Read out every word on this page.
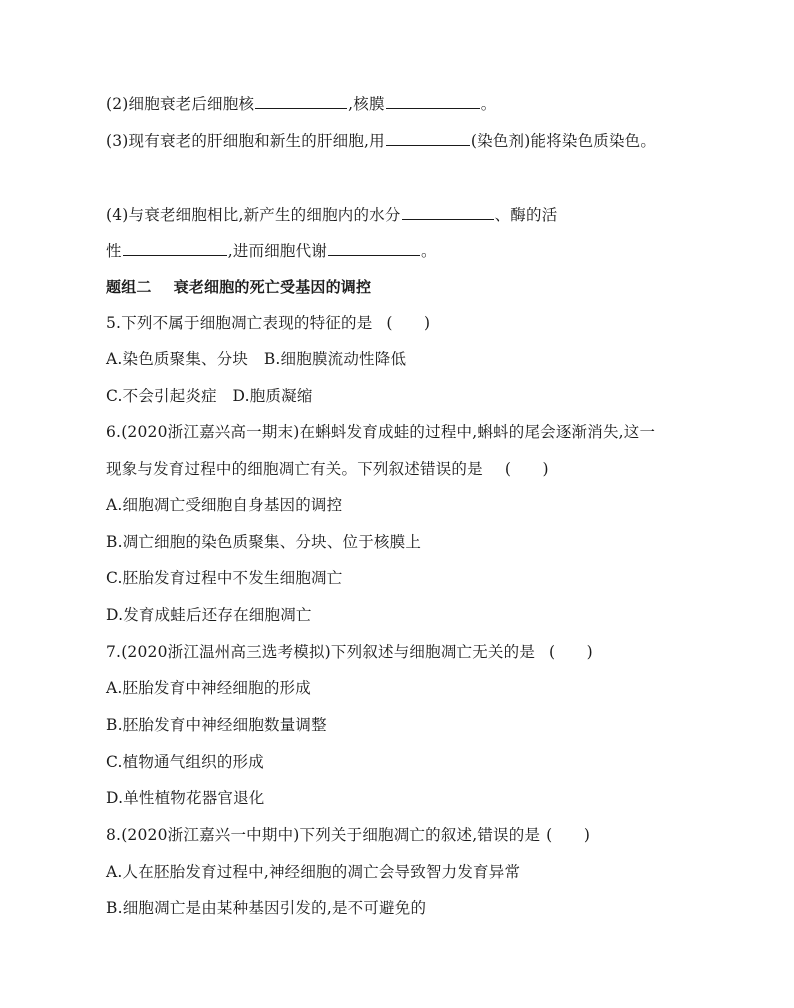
(2)细胞衰老后细胞核	,核膜	。
(3)现有衰老的肝细胞和新生的肝细胞,用	(染色剂)能将染色质染色。
(4)与衰老细胞相比,新产生的细胞内的水分	、酶的活
性	,进而细胞代谢	。
题组二 衰老细胞的死亡受基因的调控
5.下列不属于细胞凋亡表现的特征的是 (　　)
A.染色质聚集、分块　B.细胞膜流动性降低
C.不会引起炎症　D.胞质凝缩
6.(2020浙江嘉兴高一期末)在蝌蚪发育成蛙的过程中,蝌蚪的尾会逐渐消失,这一
现象与发育过程中的细胞凋亡有关。下列叙述错误的是 (　　)
A.细胞凋亡受细胞自身基因的调控
B.凋亡细胞的染色质聚集、分块、位于核膜上
C.胚胎发育过程中不发生细胞凋亡
D.发育成蛙后还存在细胞凋亡
7.(2020浙江温州高三选考模拟)下列叙述与细胞凋亡无关的是 (　　)
A.胚胎发育中神经细胞的形成
B.胚胎发育中神经细胞数量调整
C.植物通气组织的形成
D.单性植物花器官退化
8.(2020浙江嘉兴一中期中)下列关于细胞凋亡的叙述,错误的是 (　　)
A.人在胚胎发育过程中,神经细胞的凋亡会导致智力发育异常
B.细胞凋亡是由某种基因引发的,是不可避免的
